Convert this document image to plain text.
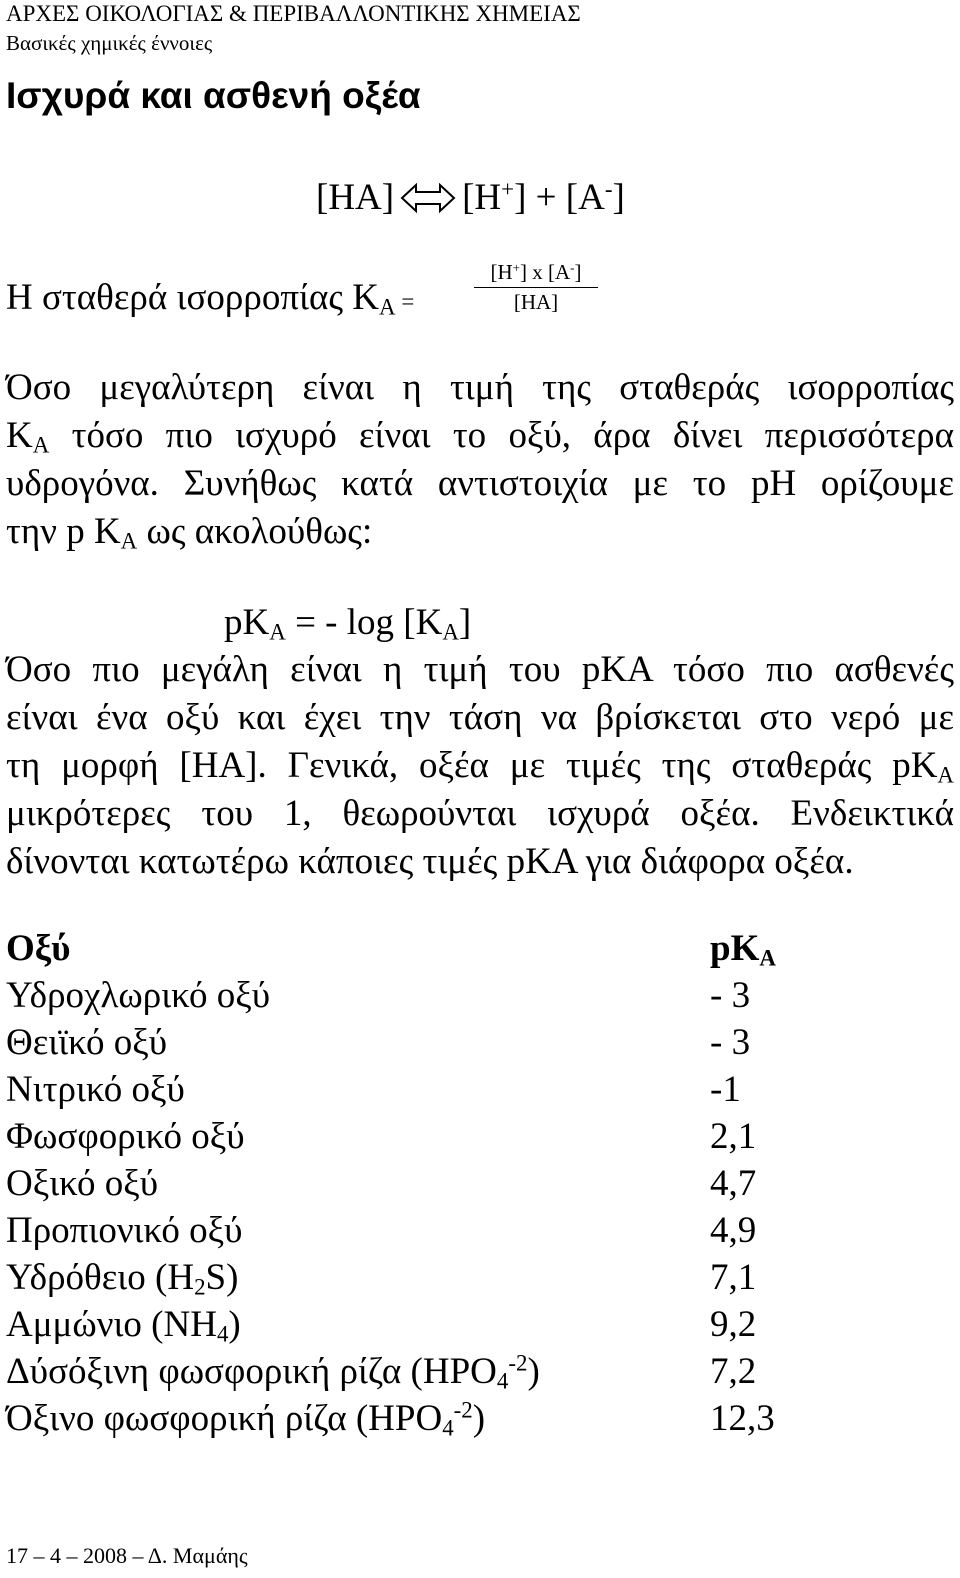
ΑΡΧΕΣ ΟΙΚΟΛΟΓΙΑΣ & ΠΕΡΙΒΑΛΛΟΝΤΙΚΗΣ ΧΗΜΕΙΑΣ
Βασικές χημικές έννοιες
Ισχυρά και ασθενή οξέα
[HA] [H+] + [A-]
Η σταθερά ισορροπίας $K_A$ =	$\frac{[H^+] x [A^-]}{[HA]}$
Όσο μεγαλύτερη είναι η τιμή της σταθεράς ισορροπίας
$K_A$ τόσο πιο ισχυρό είναι το οξύ, άρα δίνει περισσότερα
υδρογόνα. Συνήθως κατά αντιστοιχία με το pH ορίζουμε
την p $K_A$ ως ακολούθως:
$pK_A$ = - $\log [K_A]$
Όσο πιο μεγάλη είναι η τιμή του pKA τόσο πιο ασθενές
είναι ένα οξύ και έχει την τάση να βρίσκεται στο νερό με
τη μορφή [HA]. Γενικά, οξέα με τιμές της σταθεράς $pK_A$
μικρότερες του 1, θεωρούνται ισχυρά οξέα. Ενδεικτικά
δίνονται κατωτέρω κάποιες τιμές pKA για διάφορα οξέα.
Οξύ	$pK_A$
Υδροχλωρικό οξύ	- 3
Θειϊκό οξύ	- 3
Νιτρικό οξύ	-1
Φωσφορικό οξύ	2,1
Οξικό οξύ	4,7
Προπιονικό οξύ	4,9
Υδρόθειο $(H_2S)$	7,1
Αμμώνιο $(NH_4)$	9,2
Δύσόξινη φωσφορική ρίζα $(HPO_4^{-2})$	7,2
Όξινο φωσφορική ρίζα $(HPO_4^{-2})$	12,3
17 – 4 – 2008 – Δ. Μαμάης
